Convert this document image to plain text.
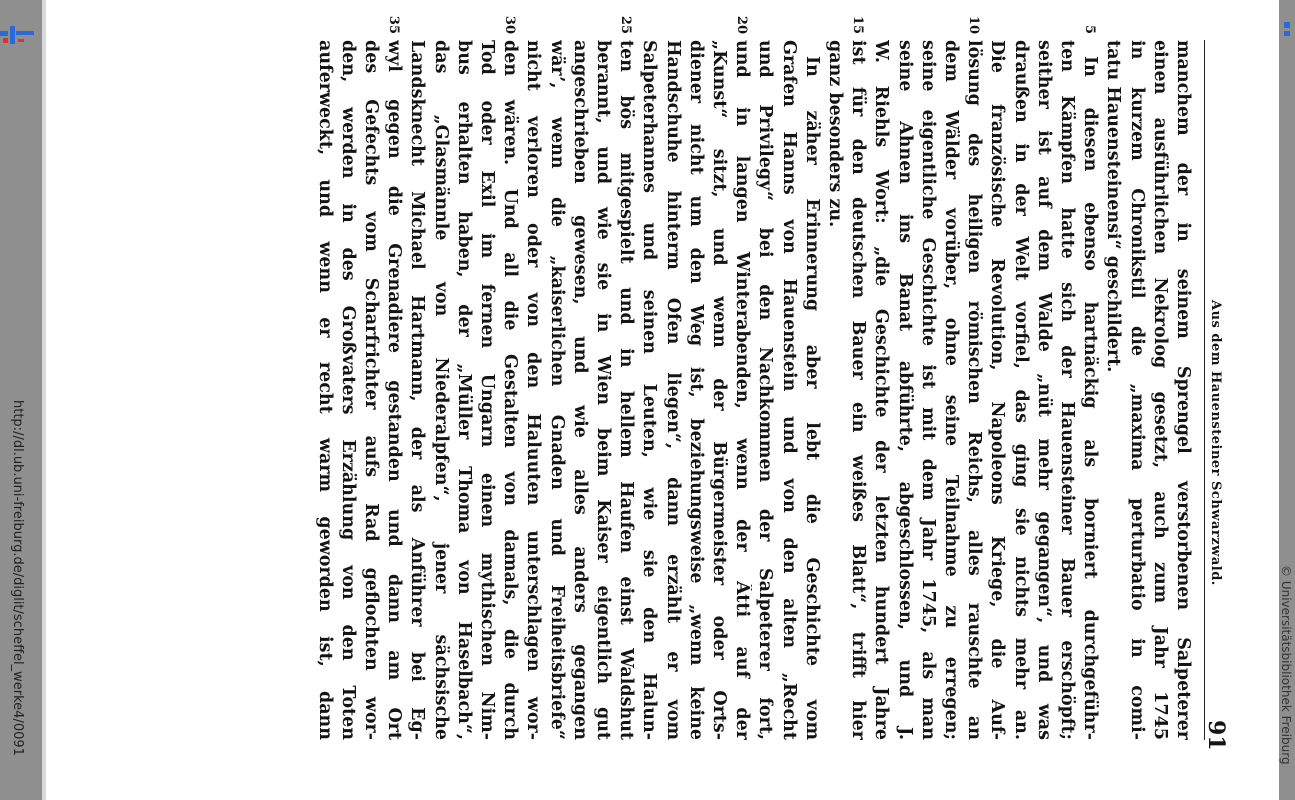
http://dl.ub.uni-freiburg.de/diglit/scheffel_werke4/0091	© Universitätsbibliothek Freiburg
Aus dem Hauensteiner Schwarzwald.
91
manchem der in seinem Sprengel verstorbenen Salpeterer
einen ausführlichen Nekrolog gesetzt, auch zum Jahr 1745
in kurzem Chronikstil die „maxima perturbatio in comi-
tatu Hauensteinensi“ geschildert.
In diesen ebenso hartnäckig als borniert durchgeführ-
ten Kämpfen hatte sich der Hauensteiner Bauer erschöpft;
seither ist auf dem Walde „nüt mehr gegangen“, und was
draußen in der Welt vorfiel, das ging sie nichts mehr an.
Die französische Revolution, Napoleons Kriege, die Auf-
lösung des heiligen römischen Reichs, alles rauschte an
dem Wälder vorüber, ohne seine Teilnahme zu erregen;
seine eigentliche Geschichte ist mit dem Jahr 1745, als man
seine Ahnen ins Banat abführte, abgeschlossen, und J.
W. Riehls Wort: „die Geschichte der letzten hundert Jahre
ist für den deutschen Bauer ein weißes Blatt“, trifft hier
ganz besonders zu.
In zäher Erinnerung aber lebt die Geschichte vom
Grafen Hanns von Hauenstein und von den alten „Recht
und Privilegy“ bei den Nachkommen der Salpeterer fort,
und in langen Winterabenden, wenn der Ätti auf der
„Kunst“ sitzt, und wenn der Bürgermeister oder Orts-
diener nicht um den Weg ist, beziehungsweise „wenn keine
Handschuhe hinterm Ofen liegen“, dann erzählt er vom
Salpeterhannes und seinen Leuten, wie sie den Halun-
ten bös mitgespielt und in hellem Haufen einst Waldshut
berannt, und wie sie in Wien beim Kaiser eigentlich gut
angeschrieben gewesen, und wie alles anders gegangen
wär’, wenn die „kaiserlichen Gnaden und Freiheitsbriefe“
nicht verloren oder von den Haluuten unterschlagen wor-
den wären. Und all die Gestalten von damals, die durch
Tod oder Exil im fernen Ungarn einen mythischen Nim-
bus erhalten haben, der „Müller Thoma von Haselbach“,
das „Glasmännle von Niederalpfen“, jener sächsische
Landsknecht Michael Hartmann, der als Anführer bei Eg-
wyl gegen die Grenadiere gestanden und dann am Ort
des Gefechts vom Scharfrichter aufs Rad geflochten wor-
den, werden in des Großvaters Erzählung von den Toten
auferweckt, und wenn er recht warm geworden ist, dann
5
10
15
20
25
30
35
